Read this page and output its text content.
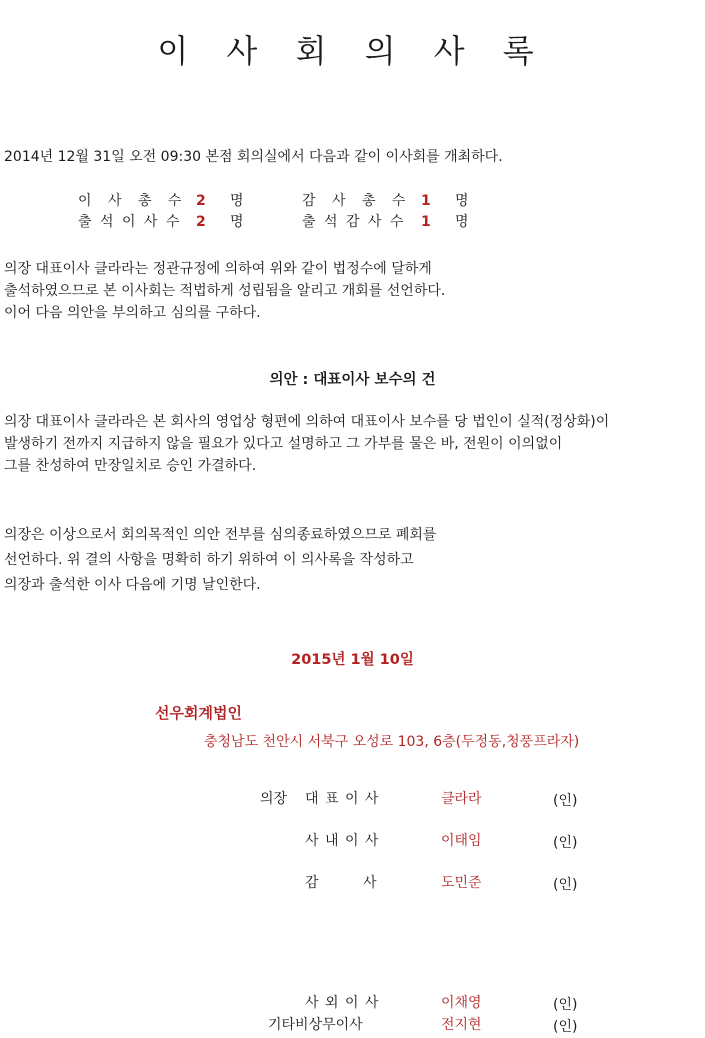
이 사 회 의 사 록
2014년 12월 31일 오전 09:30 본점 회의실에서 다음과 같이 이사회를 개최하다.
이 사 총 수 2 명	감 사 총 수 1 명
출 석 이 사 수 2 명	출 석 감 사 수 1 명
의장 대표이사 클라라는 정관규정에 의하여 위와 같이 법정수에 달하게
출석하였으므로 본 이사회는 적법하게 성립됨을 알리고 개회를 선언하다.
이어 다음 의안을 부의하고 심의를 구하다.
의안 : 대표이사 보수의 건
의장 대표이사 클라라은 본 회사의 영업상 형편에 의하여 대표이사 보수를 당 법인이 실적(정상화)이
발생하기 전까지 지급하지 않을 필요가 있다고 설명하고 그 가부를 물은 바, 전원이 이의없이
그를 찬성하여 만장일치로 승인 가결하다.
의장은 이상으로서 회의목적인 의안 전부를 심의종료하였으므로 폐회를
선언하다. 위 결의 사항을 명확히 하기 위하여 이 의사록을 작성하고
의장과 출석한 이사 다음에 기명 날인한다.
2015년 1월 10일
선우회계법인
충청남도 천안시 서북구 오성로 103, 6층(두정동,청풍프라자)
의장 대 표 이 사	클라라	(인)
사 내 이 사	이태임	(인)
감          사	도민준	(인)
사 외 이 사	이채영	(인)
기타비상무이사	전지현	(인)
